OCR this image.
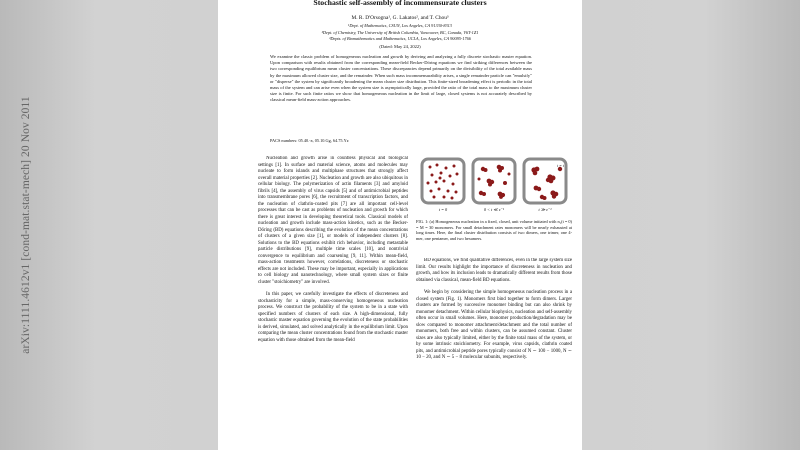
arXiv:1111.4612v1 [cond-mat.stat-mech] 20 Nov 2011
Stochastic self-assembly of incommensurate clusters
M. R. D'Orsogna¹, G. Lakatos², and T. Chou³
¹Dept. of Mathematics, CSUN, Los Angeles, CA 91330-8313
²Dept. of Chemistry, The University of British Columbia, Vancouver, BC, Canada, V6T-1Z1
³Depts. of Biomathematics and Mathematics, UCLA, Los Angeles, CA 90095-1766
(Dated: May 24, 2022)
We examine the classic problem of homogeneous nucleation and growth by deriving and analyzing a fully discrete stochastic master equation. Upon comparison with results obtained from the corresponding mean-field Becker-Döring equations we find striking differences between the two corresponding equilibrium mean cluster concentrations. These discrepancies depend primarily on the divisibility of the total available mass by the maximum allowed cluster size, and the remainder. When such mass incommensurability arises, a single remainder particle can "emulsify" or "disperse" the system by significantly broadening the mean cluster size distribution. This finite-sized broadening effect is periodic in the total mass of the system and can arise even when the system size is asymptotically large, provided the ratio of the total mass to the maximum cluster size is finite. For such finite ratios we show that homogeneous nucleation in the limit of large, closed systems is not accurately described by classical mean-field mass-action approaches.
PACS numbers: 05.40.-a, 05.10.Gg, 64.75.Yz

Nucleation and growth arise in countless physical and biological settings [1]. In surface and material science, atoms and molecules may nucleate to form islands and multiphase structures that strongly affect overall material properties [2]. Nucleation and growth are also ubiquitous in cellular biology. The polymerization of actin filaments [3] and amyloid fibrils [4], the assembly of virus capsids [5] and of antimicrobial peptides into transmembrane pores [6], the recruitment of transcription factors, and the nucleation of clathrin-coated pits [7] are all important cell-level processes that can be cast as problems of nucleation and growth for which there is great interest in developing theoretical tools. Classical models of nucleation and growth include mass-action kinetics, such as the Becker-Döring (BD) equations describing the evolution of the mean concentrations of clusters of a given size [1], or models of independent clusters [8]. Solutions to the BD equations exhibit rich behavior, including metastable particle distributions [9], multiple time scales [10], and nontrivial convergence to equilibrium and coarsening [9, 11]. Within mean-field, mass-action treatments however, correlations, discreteness or stochastic effects are not included. These may be important, especially in applications to cell biology and nanotechnology, where small system sizes or finite cluster "stoichiometry" are involved.

In this paper, we carefully investigate the effects of discreteness and stochasticity for a simple, mass-conserving homogeneous nucleation process. We construct the probability of the system to be in a state with specified numbers of clusters of each size. A high-dimensional, fully stochastic master equation governing the evolution of the state probabilities is derived, simulated, and solved analytically in the equilibrium limit. Upon comparing the mean cluster concentrations found from the stochastic master equation with those obtained from the mean-field

t = 0	0 < t ≪ ε⁻¹
t = t
t ≫ ε⁻¹
FIG. 1: (a) Homogeneous nucleation in a fixed, closed, unit volume initiated with n₁(t = 0) = M = 30 monomers. For small detachment rates monomers will be nearly exhausted at long times. Here, the final cluster distribution consists of two dimers, one trimer, one 4-mer, one pentamer, and two hexamers.

BD equations, we find qualitative differences, even in the large system size limit. Our results highlight the importance of discreteness in nucleation and growth, and how its inclusion leads to dramatically different results from those obtained via classical, mean-field BD equations.

We begin by considering the simple homogeneous nucleation process in a closed system (Fig. 1). Monomers first bind together to form dimers. Larger clusters are formed by successive monomer binding but can also shrink by monomer detachment. Within cellular biophysics, nucleation and self-assembly often occur in small volumes. Here, monomer production/degradation may be slow compared to monomer attachment/detachment and the total number of monomers, both free and within clusters, can be assumed constant. Cluster sizes are also typically limited, either by the finite total mass of the system, or by some intrinsic stoichiometry. For example, virus capsids, clathrin coated pits, and antimicrobial peptide pores typically consist of N ∼ 100 − 1000, N ∼ 10 − 20, and N ∼ 5 − 8 molecular subunits, respectively.
